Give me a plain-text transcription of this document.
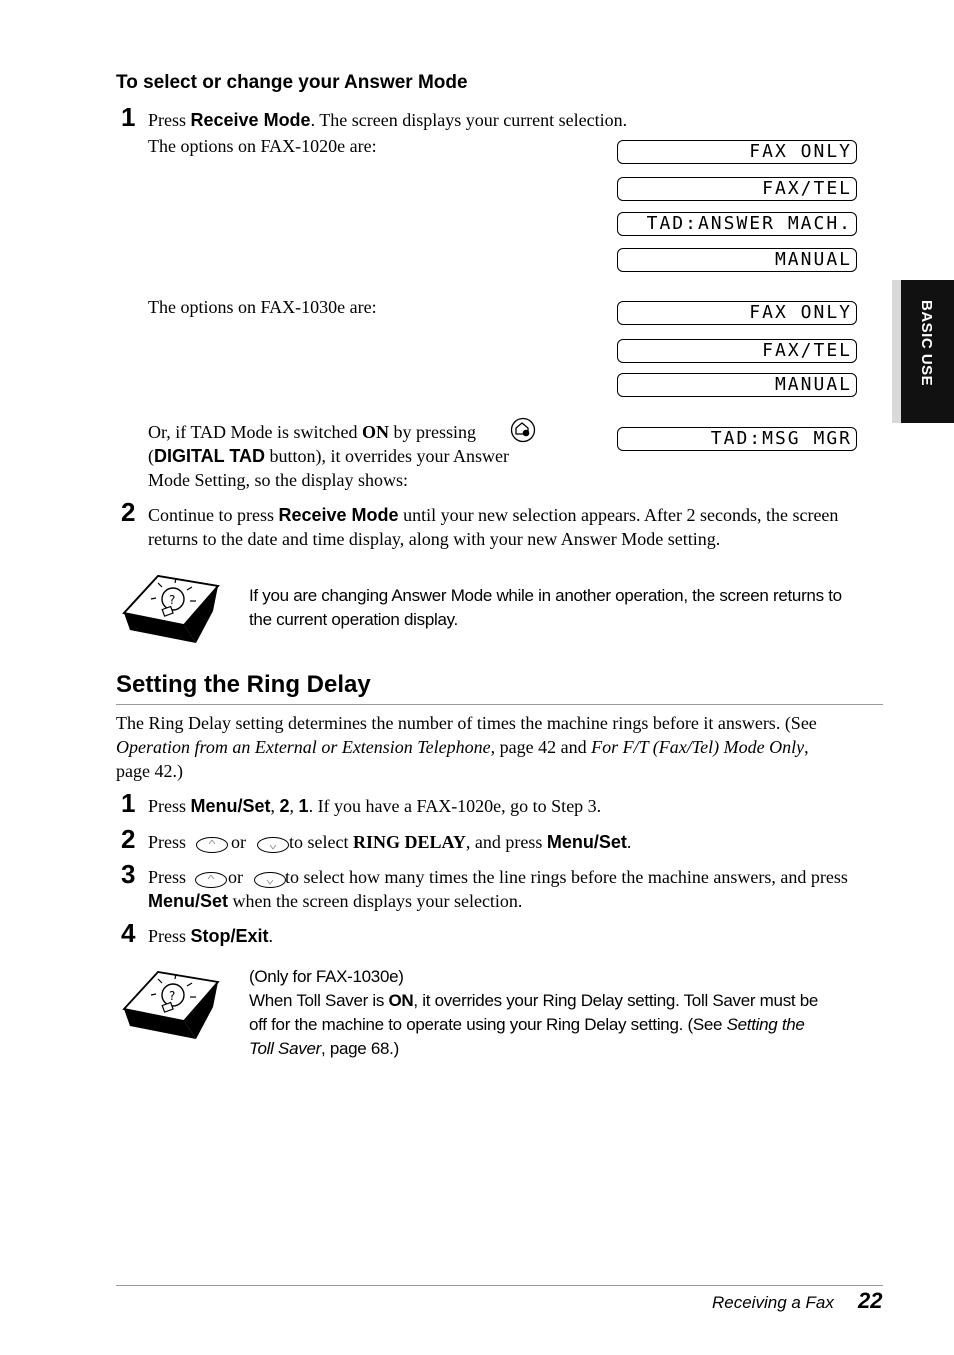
BASIC USE
To select or change your Answer Mode
1 Press Receive Mode. The screen displays your current selection.
The options on FAX-1020e are:	FAX ONLY
FAX/TEL
TAD:ANSWER MACH.
MANUAL
The options on FAX-1030e are:	FAX ONLY
FAX/TEL
MANUAL
Or, if TAD Mode is switched ON by pressing
(DIGITAL TAD button), it overrides your Answer
Mode Setting, so the display shows:
TAD:MSG MGR
2 Continue to press Receive Mode until your new selection appears. After 2 seconds, the screen
returns to the date and time display, along with your new Answer Mode setting.
?	If you are changing Answer Mode while in another operation, the screen returns to
the current operation display.
Setting the Ring Delay
The Ring Delay setting determines the number of times the machine rings before it answers. (See
Operation from an External or Extension Telephone, page 42 and For F/T (Fax/Tel) Mode Only,
page 42.)
1 Press Menu/Set, 2, 1. If you have a FAX-1020e, go to Step 3.
2 Press or to select RING DELAY, and press Menu/Set.
3 Press or to select how many times the line rings before the machine answers, and press
Menu/Set when the screen displays your selection.
4 Press Stop/Exit.
?
(Only for FAX-1030e)
When Toll Saver is ON, it overrides your Ring Delay setting. Toll Saver must be
off for the machine to operate using your Ring Delay setting. (See Setting the
Toll Saver, page 68.)
Receiving a Fax 22
